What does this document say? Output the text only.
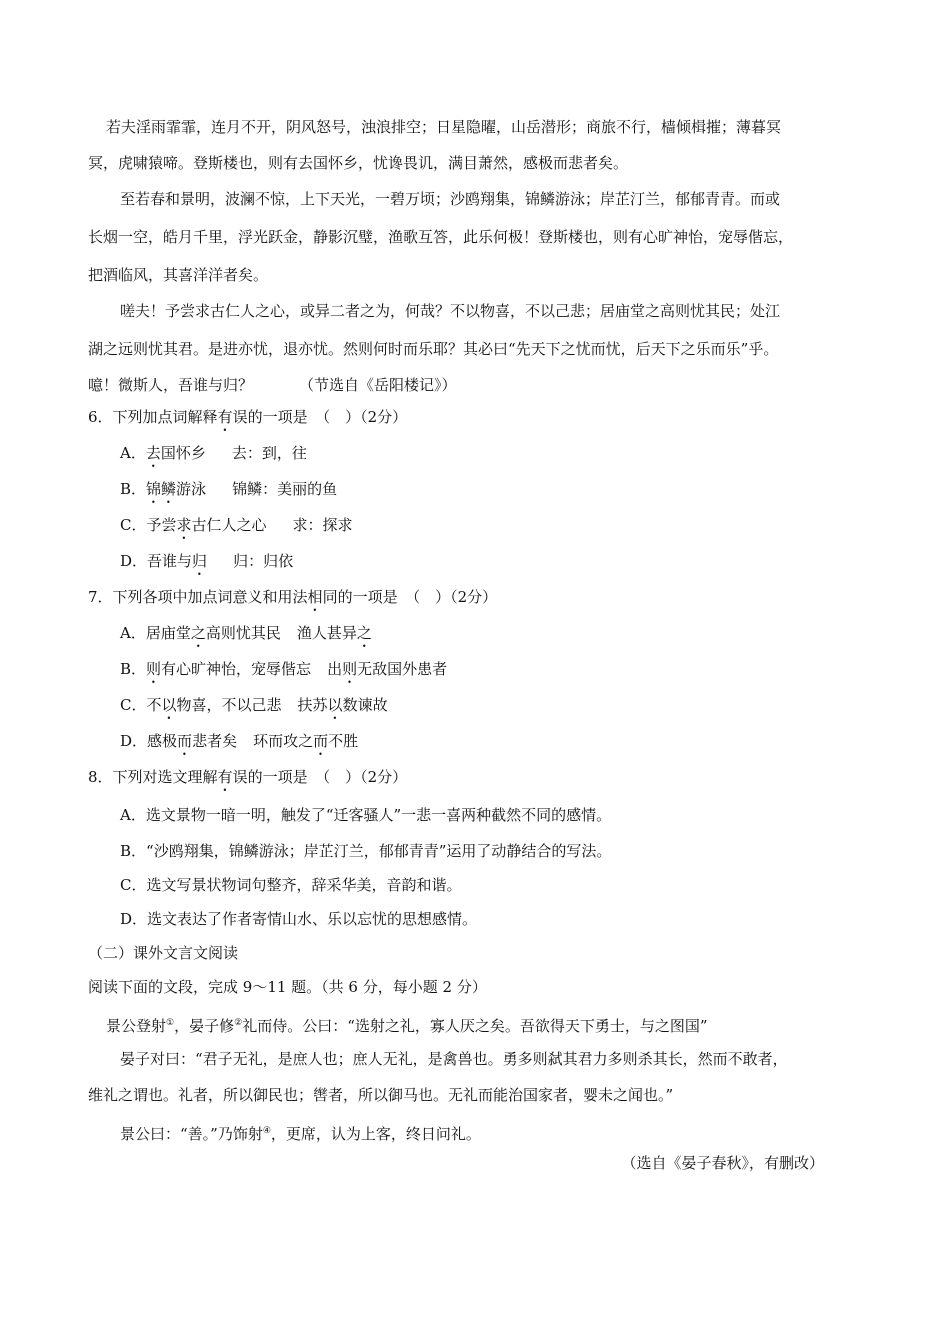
若夫淫雨霏霏，连月不开，阴风怒号，浊浪排空；日星隐曜，山岳潜形；商旅不行，樯倾楫摧；薄暮冥
冥，虎啸猿啼。登斯楼也，则有去国怀乡，忧谗畏讥，满目萧然，感极而悲者矣。
至若春和景明，波澜不惊，上下天光，一碧万顷；沙鸥翔集，锦鳞游泳；岸芷汀兰，郁郁青青。而或
长烟一空，皓月千里，浮光跃金，静影沉璧，渔歌互答，此乐何极！登斯楼也，则有心旷神怡，宠辱偕忘，
把酒临风，其喜洋洋者矣。
嗟夫！予尝求古仁人之心，或异二者之为，何哉？不以物喜，不以己悲；居庙堂之高则忧其民；处江
湖之远则忧其君。是进亦忧，退亦忧。然则何时而乐耶？其必曰“先天下之忧而忧，后天下之乐而乐”乎。
噫！微斯人，吾谁与归？	（节选自《岳阳楼记》）
6．下列加点词解释有误的一项是　（　）（2分）
A．去国怀乡 去：到，往
B．锦鳞游泳 锦鳞：美丽的鱼
C．予尝求古仁人之心 求：探求
D．吾谁与归 归：归依
7．下列各项中加点词意义和用法相同的一项是　（　）（2分）
A．居庙堂之高则忧其民 渔人甚异之
B．则有心旷神怡，宠辱偕忘 出则无敌国外患者
C．不以物喜，不以己悲 扶苏以数谏故
D．感极而悲者矣 环而攻之而不胜
8．下列对选文理解有误的一项是　（　）（2分）
A．选文景物一暗一明，触发了“迁客骚人”一悲一喜两种截然不同的感情。
B．“沙鸥翔集，锦鳞游泳；岸芷汀兰，郁郁青青”运用了动静结合的写法。
C．选文写景状物词句整齐，辞采华美，音韵和谐。
D．选文表达了作者寄情山水、乐以忘忧的思想感情。
（二）课外文言文阅读
阅读下面的文段，完成 9～11 题。（共 6 分，每小题 2 分）
景公登射①，晏子修②礼而侍。公曰：“选射之礼，寡人厌之矣。吾欲得天下勇士，与之图国”
晏子对曰：“君子无礼，是庶人也；庶人无礼，是禽兽也。勇多则弑其君力多则杀其长，然而不敢者，
维礼之谓也。礼者，所以御民也；辔者，所以御马也。无礼而能治国家者，婴未之闻也。”
景公曰：“善。”乃饰射④，更席，认为上客，终日问礼。
（选自《晏子春秋》，有删改）
